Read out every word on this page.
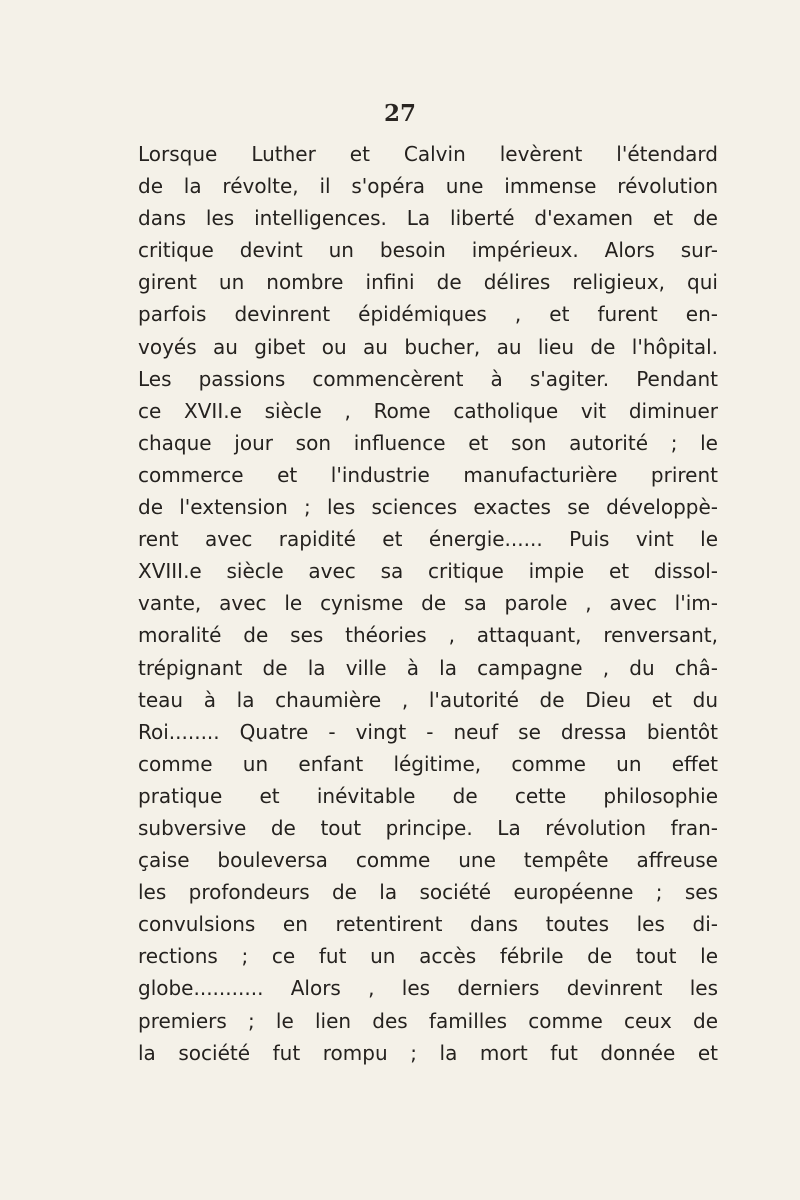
27
Lorsque Luther et Calvin levèrent l'étendard
de la révolte, il s'opéra une immense révolution
dans les intelligences. La liberté d'examen et de
critique devint un besoin impérieux. Alors sur-
girent un nombre infini de délires religieux, qui
parfois devinrent épidémiques , et furent en-
voyés au gibet ou au bucher, au lieu de l'hôpital.
Les passions commencèrent à s'agiter. Pendant
ce XVII.e siècle , Rome catholique vit diminuer
chaque jour son influence et son autorité ; le
commerce et l'industrie manufacturière prirent
de l'extension ; les sciences exactes se développè-
rent avec rapidité et énergie...... Puis vint le
XVIII.e siècle avec sa critique impie et dissol-
vante, avec le cynisme de sa parole , avec l'im-
moralité de ses théories , attaquant, renversant,
trépignant de la ville à la campagne , du châ-
teau à la chaumière , l'autorité de Dieu et du
Roi........ Quatre - vingt - neuf se dressa bientôt
comme un enfant légitime, comme un effet
pratique et inévitable de cette philosophie
subversive de tout principe. La révolution fran-
çaise bouleversa comme une tempête affreuse
les profondeurs de la société européenne ; ses
convulsions en retentirent dans toutes les di-
rections ; ce fut un accès fébrile de tout le
globe........... Alors , les derniers devinrent les
premiers ; le lien des familles comme ceux de
la société fut rompu ; la mort fut donnée et
